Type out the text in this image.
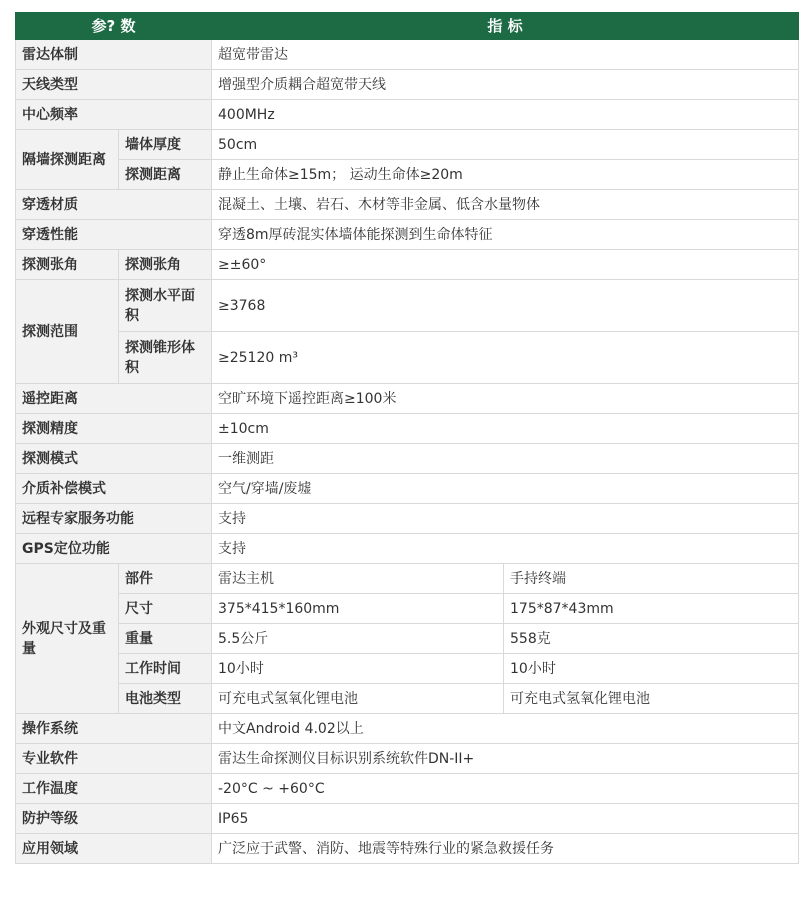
参? 数		指 标	
雷达体制		超宽带雷达	
天线类型		增强型介质耦合超宽带天线	
中心频率		400MHz	
隔墙探测距离	墙体厚度	50cm	
	探测距离	静止生命体≥15m； 运动生命体≥20m	
穿透材质		混凝土、土壤、岩石、木材等非金属、低含水量物体	
穿透性能		穿透8m厚砖混实体墙体能探测到生命体特征	
探测张角	探测张角	≥±60°	
探测范围	探测水平面积	≥3768	
	探测锥形体积	≥25120 m³	
遥控距离		空旷环境下遥控距离≥100米	
探测精度		±10cm	
探测模式		一维测距	
介质补偿模式		空气/穿墙/废墟	
远程专家服务功能		支持	
GPS定位功能		支持	
外观尺寸及重量	部件	雷达主机	手持终端
	尺寸	375*415*160mm	175*87*43mm
	重量	5.5公斤	558克
	工作时间	10小时	10小时
	电池类型	可充电式氢氧化锂电池	可充电式氢氧化锂电池
操作系统		中文Android 4.02以上	
专业软件		雷达生命探测仪目标识别系统软件DN-II+	
工作温度		-20°C ~ +60°C	
防护等级		IP65	
应用领域		广泛应于武警、消防、地震等特殊行业的紧急救援任务	
